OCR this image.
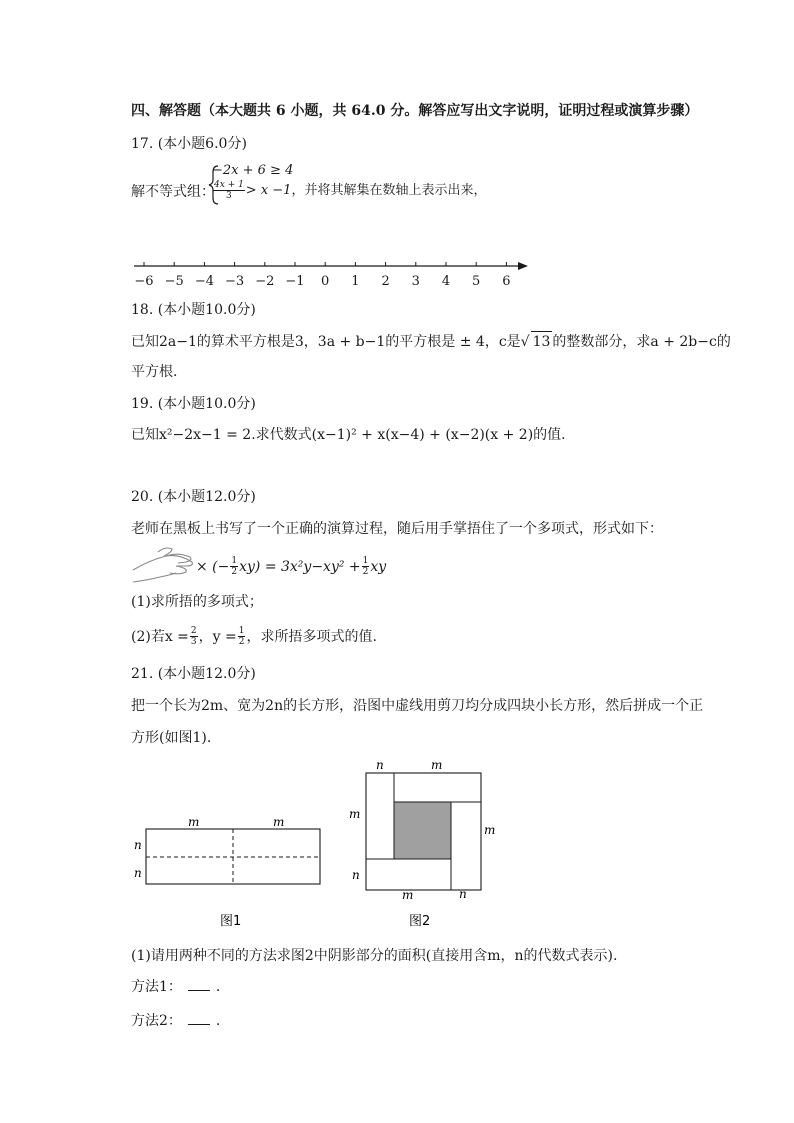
四、解答题（本大题共 6 小题，共 64.0 分。解答应写出文字说明，证明过程或演算步骤）
17. (本小题6.0分)
解不等式组：
−2x + 6 ≥ 4
$\frac{4x + 1}{3} > x -1$ ，并将其解集在数轴上表示出来，
−6 −5 −4 −3 −2 −1 0 1 2 3 4 5 6
18. (本小题10.0分)
已知2a−1的算术平方根是3，3a + b−1的平方根是 ± 4，c是√ 13 的整数部分，求a + 2b−c的
平方根.
19. (本小题10.0分)
已知x²−2x−1 = 2.求代数式(x−1)² + x(x−4) + (x−2)(x + 2)的值.
20. (本小题12.0分)
老师在黑板上书写了一个正确的演算过程，随后用手掌捂住了一个多项式，形式如下：
× (− $\frac{1}{2} xy) = 3x^2y-xy^2 + \frac{1}{2}$ xy
(1)求所捂的多项式；
(2)若$x = \frac{2}{3}$ ，$y = \frac{1}{2}$ ，求所捂多项式的值.
21. (本小题12.0分)
把一个长为2m、宽为2n的长方形，沿图中虚线用剪刀均分成四块小长方形，然后拼成一个正
方形(如图1).
m	m
n
n
图1
n	m
m
m
n
m	n
图2
(1)请用两种不同的方法求图2中阴影部分的面积(直接用含m，n的代数式表示).
方法1： .
方法2： .
